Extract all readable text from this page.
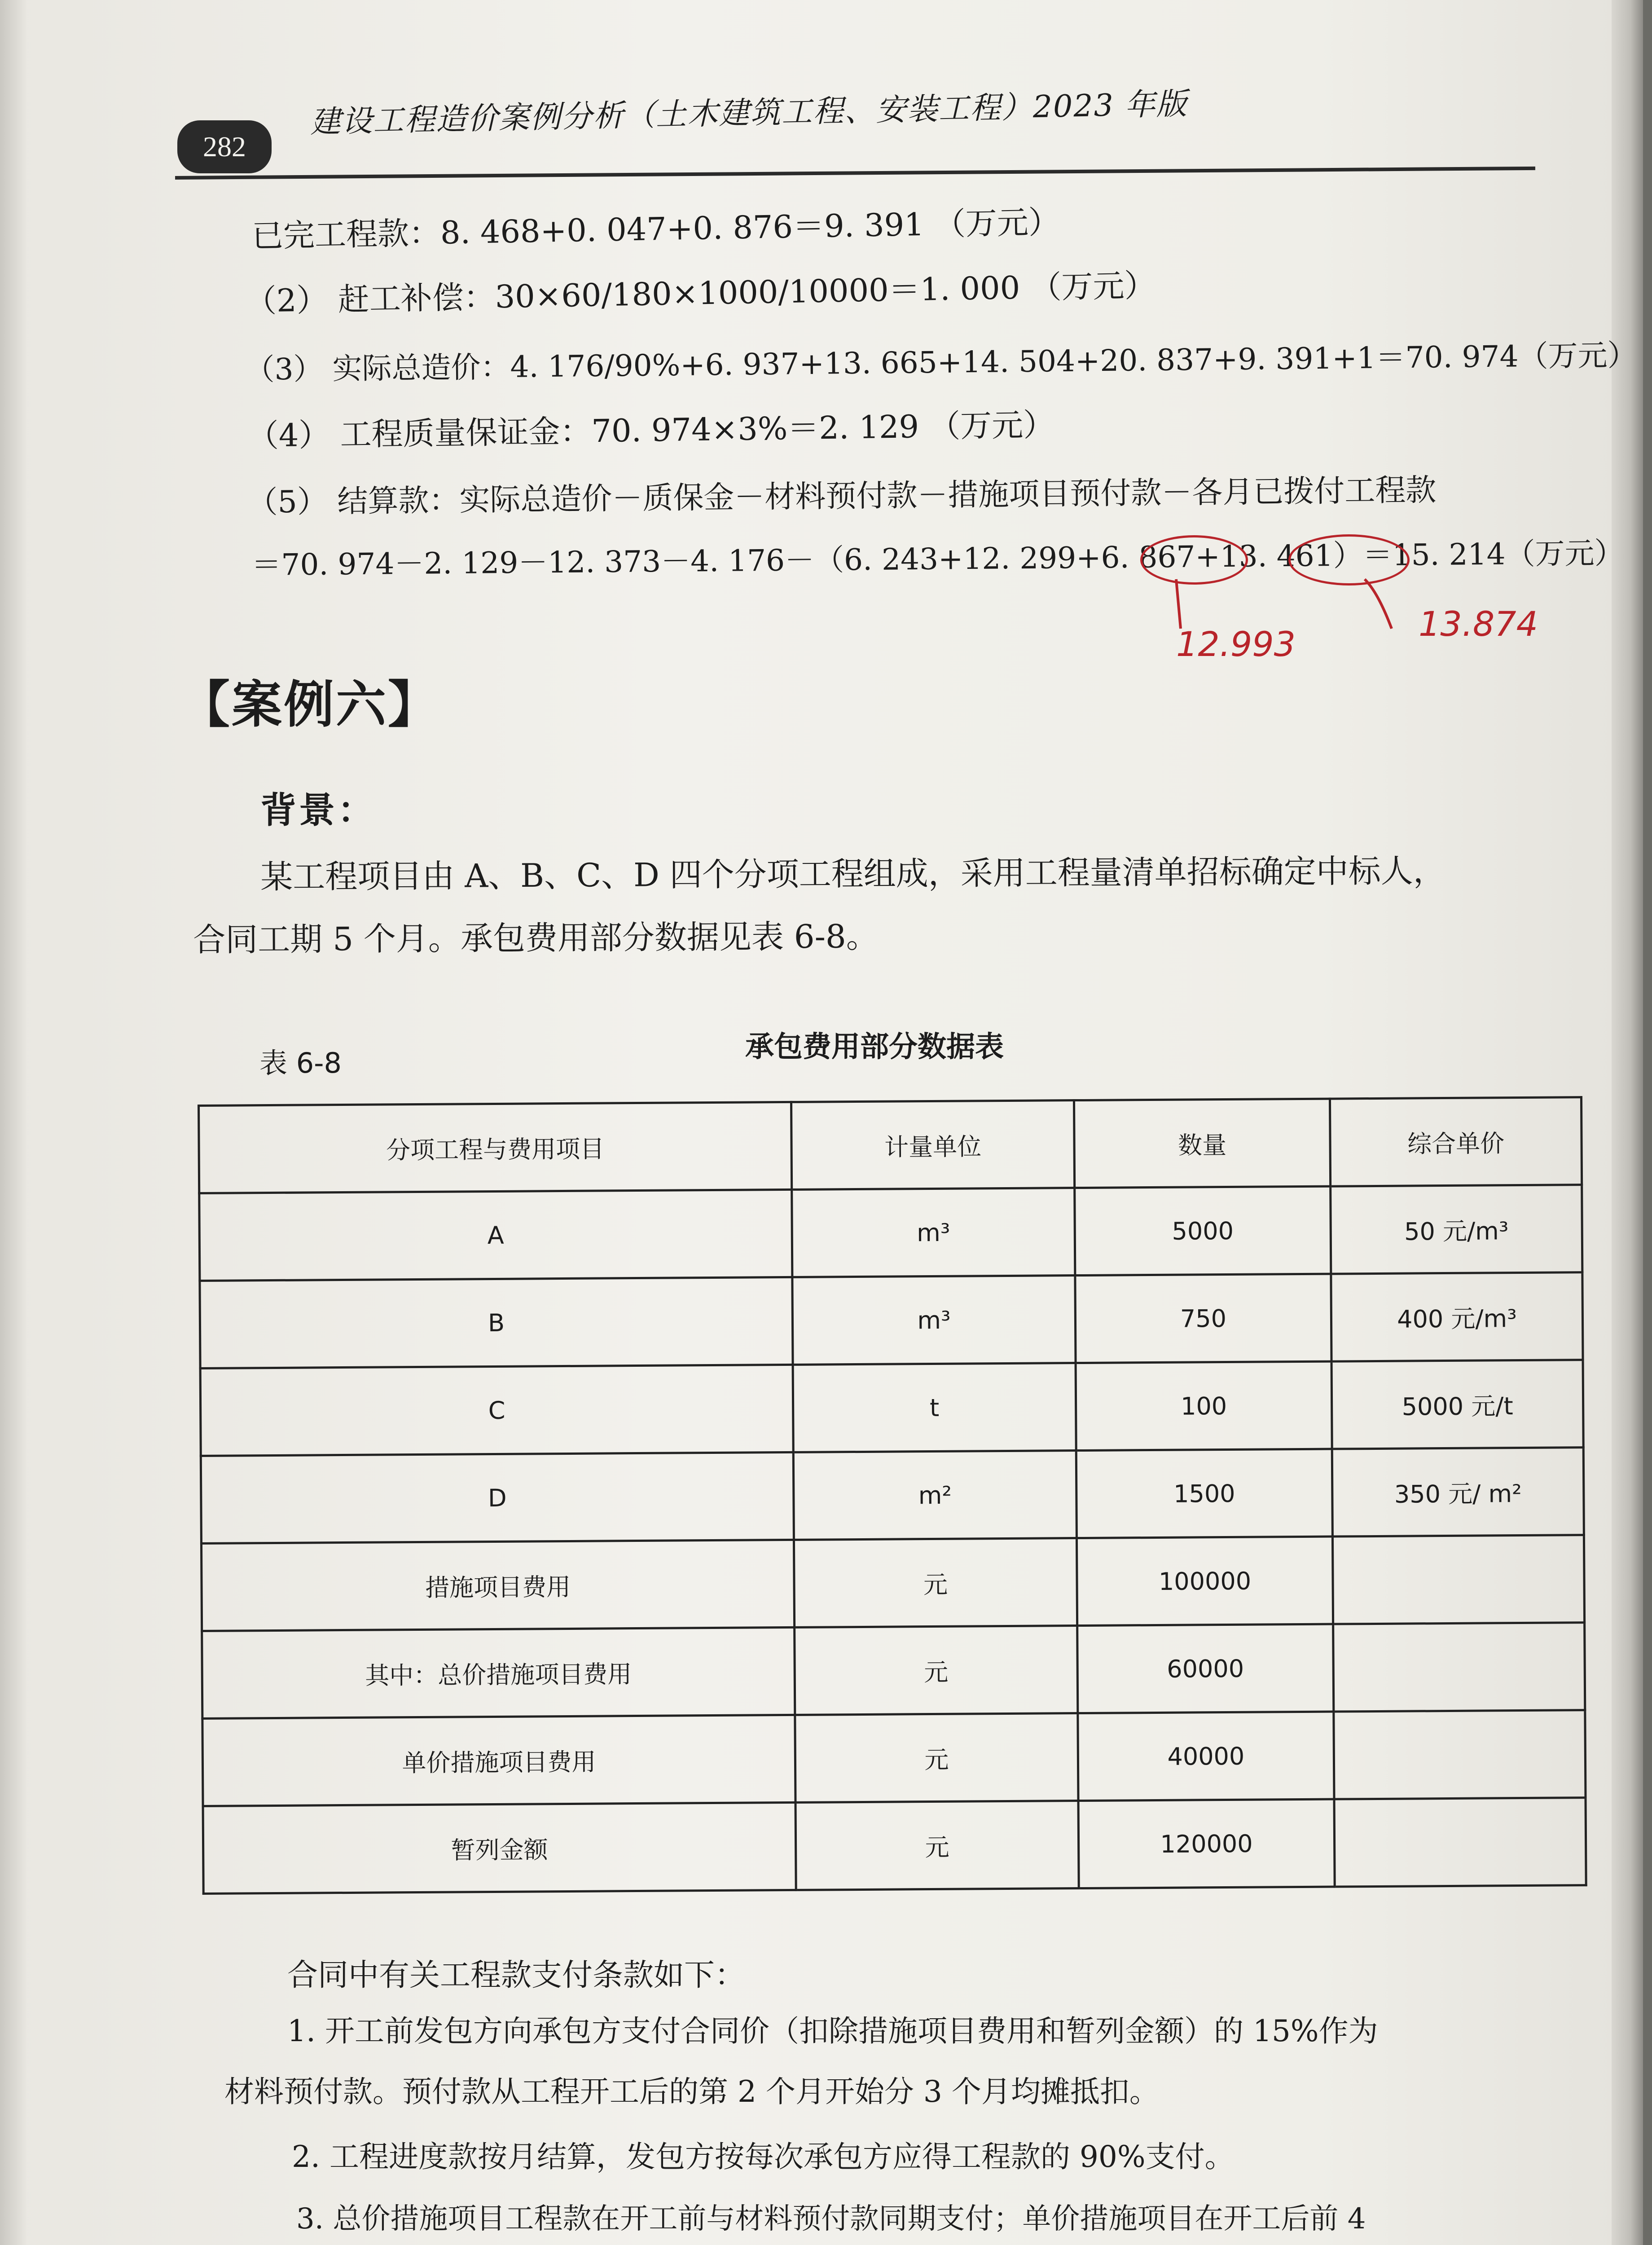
282
建设工程造价案例分析（土木建筑工程、安装工程）2023 年版
已完工程款：8. 468+0. 047+0. 876＝9. 391 （万元）
（2） 赶工补偿：30×60/180×1000/10000＝1. 000 （万元）
（3） 实际总造价：4. 176/90%+6. 937+13. 665+14. 504+20. 837+9. 391+1＝70. 974（万元）
（4） 工程质量保证金：70. 974×3%＝2. 129 （万元）
（5） 结算款：实际总造价－质保金－材料预付款－措施项目预付款－各月已拨付工程款
＝70. 974－2. 129－12. 373－4. 176－（6. 243+12. 299+6. 867+13. 461）＝15. 214（万元）
12.993
13.874
【案例六】
背景：
某工程项目由 A、B、C、D 四个分项工程组成，采用工程量清单招标确定中标人，
合同工期 5 个月。承包费用部分数据见表 6-8。
表 6-8	承包费用部分数据表
分项工程与费用项目	计量单位	数量	综合单价
A	m³	5000	50 元/m³
B	m³	750	400 元/m³
C	t	100	5000 元/t
D	m²	1500	350 元/ m²
措施项目费用	元	100000	
其中：总价措施项目费用	元	60000	
单价措施项目费用	元	40000	
暂列金额	元	120000	
合同中有关工程款支付条款如下：
1. 开工前发包方向承包方支付合同价（扣除措施项目费用和暂列金额）的 15%作为
材料预付款。预付款从工程开工后的第 2 个月开始分 3 个月均摊抵扣。
2. 工程进度款按月结算，发包方按每次承包方应得工程款的 90%支付。
3. 总价措施项目工程款在开工前与材料预付款同期支付；单价措施项目在开工后前 4
